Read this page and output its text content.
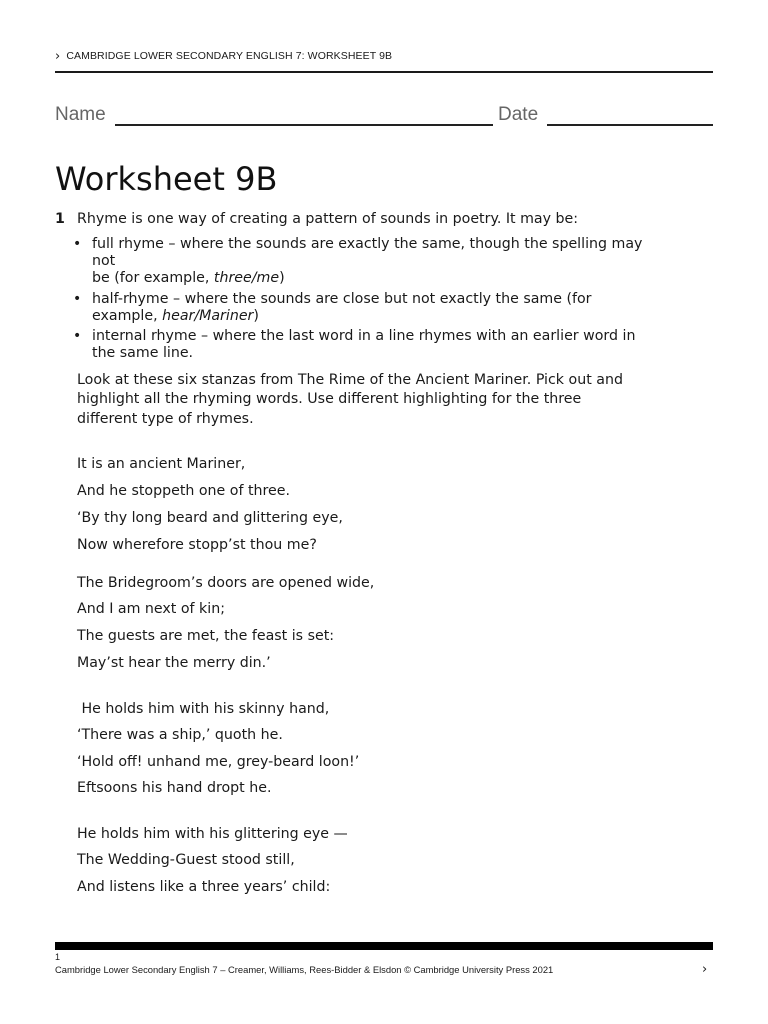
› CAMBRIDGE LOWER SECONDARY ENGLISH 7: WORKSHEET 9B
Name	Date
Worksheet 9B
1 Rhyme is one way of creating a pattern of sounds in poetry. It may be:
• full rhyme – where the sounds are exactly the same, though the spelling may
not
be (for example, three/me)
• half-rhyme – where the sounds are close but not exactly the same (for
example, hear/Mariner)
• internal rhyme – where the last word in a line rhymes with an earlier word in
the same line.
Look at these six stanzas from The Rime of the Ancient Mariner. Pick out and
highlight all the rhyming words. Use different highlighting for the three
different type of rhymes.
It is an ancient Mariner,
And he stoppeth one of three.
‘By thy long beard and glittering eye,
Now wherefore stopp’st thou me?
The Bridegroom’s doors are opened wide,
And I am next of kin;
The guests are met, the feast is set:
May’st hear the merry din.’
He holds him with his skinny hand,
‘There was a ship,’ quoth he.
‘Hold off! unhand me, grey-beard loon!’
Eftsoons his hand dropt he.
He holds him with his glittering eye —
The Wedding-Guest stood still,
And listens like a three years’ child:
1
Cambridge Lower Secondary English 7 – Creamer, Williams, Rees-Bidder & Elsdon © Cambridge University Press 2021	›
